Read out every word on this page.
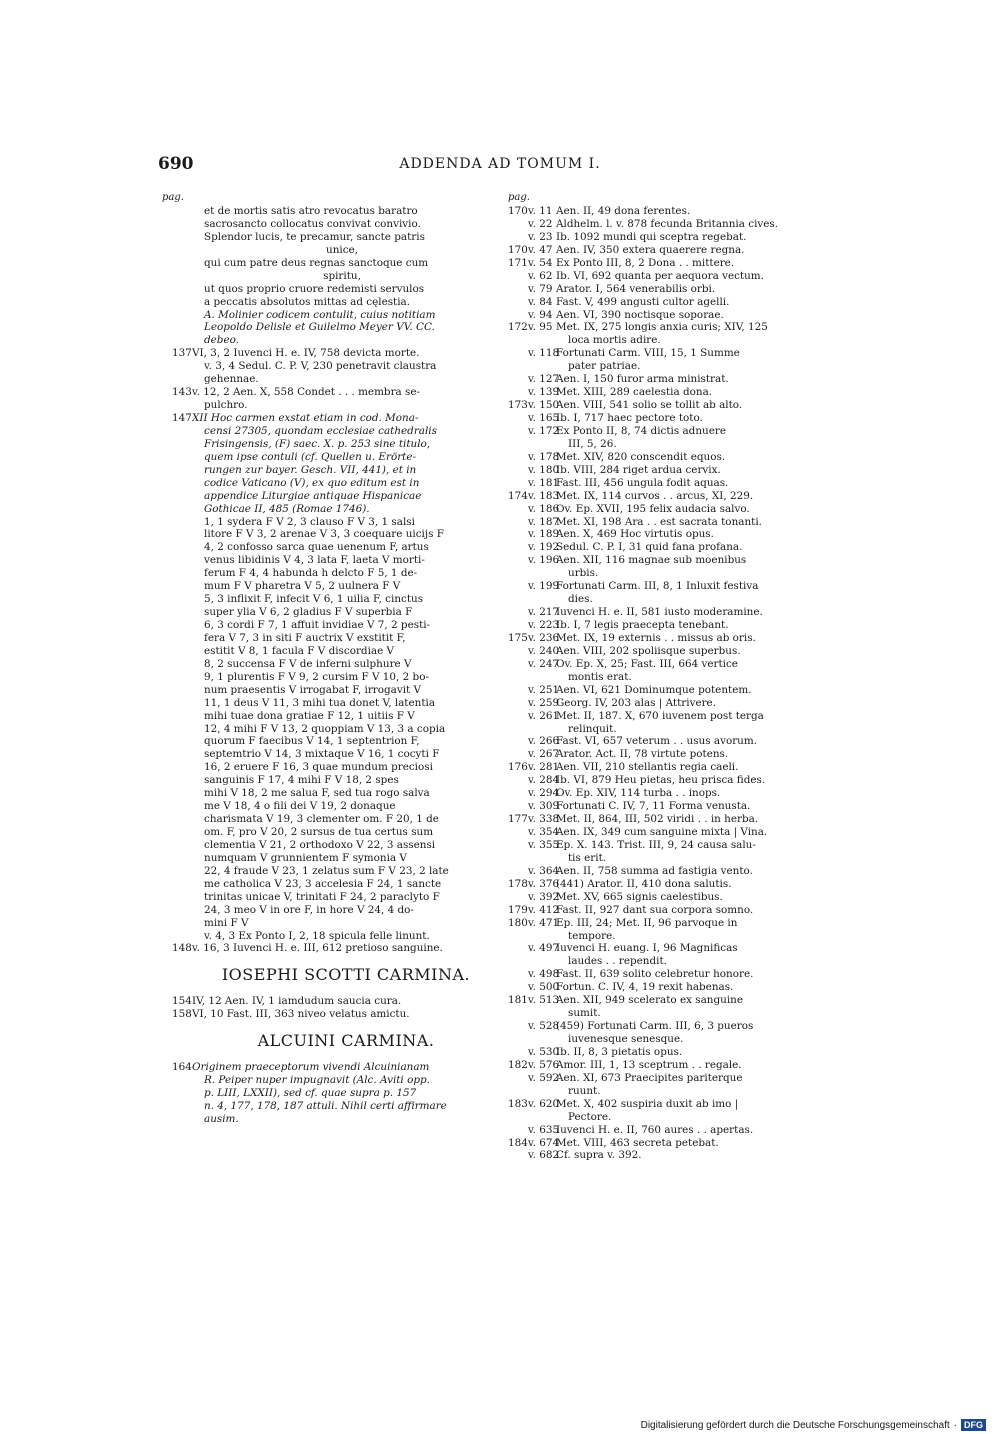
690	ADDENDA AD TOMUM I.
pag.	pag.
et de mortis satis atro revocatus baratro
sacrosancto collocatus convivat convivio.
Splendor lucis, te precamur, sancte patris
unice,
qui cum patre deus regnas sanctoque cum
spiritu,
ut quos proprio cruore redemisti servulos
a peccatis absolutos mittas ad cęlestia.
A. Molinier codicem contulit, cuius notitiam
Leopoldo Delisle et Guilelmo Meyer VV. CC.
debeo.
137 VI, 3, 2 Iuvenci H. e. IV, 758 devicta morte.
v. 3, 4 Sedul. C. P. V, 230 penetravit claustra
gehennae.
143 v. 12, 2 Aen. X, 558 Condet . . . membra se-
pulchro.
147 XII Hoc carmen exstat etiam in cod. Mona-
censi 27305, quondam ecclesiae cathedralis
Frisingensis, (F) saec. X. p. 253 sine titulo,
quem ipse contuli (cf. Quellen u. Erörte-
rungen zur bayer. Gesch. VII, 441), et in
codice Vaticano (V), ex quo editum est in
appendice Liturgiae antiquae Hispanicae
Gothicae II, 485 (Romae 1746).
1, 1 sydera F V 2, 3 clauso F V 3, 1 salsi
litore F V 3, 2 arenae V 3, 3 coequare uicijs F
4, 2 confosso sarca quae uenenum F, artus
venus libidinis V 4, 3 lata F, laeta V morti-
ferum F 4, 4 habunda h delcto F 5, 1 de-
mum F V pharetra V 5, 2 uulnera F V
5, 3 inflixit F, infecit V 6, 1 uilia F, cinctus
super ylia V 6, 2 gladius F V superbia F
6, 3 cordi F 7, 1 affuit invidiae V 7, 2 pesti-
fera V 7, 3 in siti F auctrix V exstitit F,
estitit V 8, 1 facula F V discordiae V
8, 2 succensa F V de inferni sulphure V
9, 1 plurentis F V 9, 2 cursim F V 10, 2 bo-
num praesentis V irrogabat F, irrogavit V
11, 1 deus V 11, 3 mihi tua donet V, latentia
mihi tuae dona gratiae F 12, 1 uitiis F V
12, 4 mihi F V 13, 2 quoppiam V 13, 3 a copia
quorum F faecibus V 14, 1 septentrion F,
septemtrio V 14, 3 mixtaque V 16, 1 cocyti F
16, 2 eruere F 16, 3 quae mundum preciosi
sanguinis F 17, 4 mihi F V 18, 2 spes
mihi V 18, 2 me salua F, sed tua rogo salva
me V 18, 4 o fili dei V 19, 2 donaque
charismata V 19, 3 clementer om. F 20, 1 de
om. F, pro V 20, 2 sursus de tua certus sum
clementia V 21, 2 orthodoxo V 22, 3 assensi
numquam V grunnientem F symonia V
22, 4 fraude V 23, 1 zelatus sum F V 23, 2 late
me catholica V 23, 3 accelesia F 24, 1 sancte
trinitas unicae V, trinitati F 24, 2 paraclyto F
24, 3 meo V in ore F, in hore V 24, 4 do-
mini F V
v. 4, 3 Ex Ponto I, 2, 18 spicula felle linunt.
148 v. 16, 3 Iuvenci H. e. III, 612 pretioso sanguine.
IOSEPHI SCOTTI CARMINA.
154 IV, 12 Aen. IV, 1 iamdudum saucia cura.
158 VI, 10 Fast. III, 363 niveo velatus amictu.
ALCUINI CARMINA.
164 Originem praeceptorum vivendi Alcuinianam
R. Peiper nuper impugnavit (Alc. Aviti opp.
p. LIII, LXXII), sed cf. quae supra p. 157
n. 4, 177, 178, 187 attuli. Nihil certi affirmare
ausim.
170 v. 11 Aen. II, 49 dona ferentes.
v. 22 Aldhelm. l. v. 878 fecunda Britannia cives.
v. 23 Ib. 1092 mundi qui sceptra regebat.
170 v. 47 Aen. IV, 350 extera quaerere regna.
171 v. 54 Ex Ponto III, 8, 2 Dona . . mittere.
v. 62 Ib. VI, 692 quanta per aequora vectum.
v. 79 Arator. I, 564 venerabilis orbi.
v. 84 Fast. V, 499 angusti cultor agelli.
v. 94 Aen. VI, 390 noctisque soporae.
172 v. 95 Met. IX, 275 longis anxia curis; XIV, 125
loca mortis adire.
v. 118
Fortunati Carm. VIII, 15, 1 Summe
pater patriae.
v. 127
Aen. I, 150 furor arma ministrat.
v. 139
Met. XIII, 289 caelestia dona.
173 v. 150
Aen. VIII, 541 solio se tollit ab alto.
v. 165
Ib. I, 717 haec pectore toto.
v. 172
Ex Ponto II, 8, 74 dictis adnuere
III, 5, 26.
v. 178
Met. XIV, 820 conscendit equos.
v. 180
Ib. VIII, 284 riget ardua cervix.
v. 181
Fast. III, 456 ungula fodit aquas.
174 v. 183
Met. IX, 114 curvos . . arcus, XI, 229.
v. 186
Ov. Ep. XVII, 195 felix audacia salvo.
v. 187
Met. XI, 198 Ara . . est sacrata tonanti.
v. 189
Aen. X, 469 Hoc virtutis opus.
v. 192
Sedul. C. P. I, 31 quid fana profana.
v. 196
Aen. XII, 116 magnae sub moenibus
urbis.
v. 199
Fortunati Carm. III, 8, 1 Inluxit festiva
dies.
v. 217
Iuvenci H. e. II, 581 iusto moderamine.
v. 223
Ib. I, 7 legis praecepta tenebant.
175 v. 236
Met. IX, 19 externis . . missus ab oris.
v. 240
Aen. VIII, 202 spoliisque superbus.
v. 247
Ov. Ep. X, 25; Fast. III, 664 vertice
montis erat.
v. 251
Aen. VI, 621 Dominumque potentem.
v. 259
Georg. IV, 203 alas | Attrivere.
v. 261
Met. II, 187. X, 670 iuvenem post terga
relinquit.
v. 266
Fast. VI, 657 veterum . . usus avorum.
v. 267
Arator. Act. II, 78 virtute potens.
176 v. 281
Aen. VII, 210 stellantis regia caeli.
v. 284
Ib. VI, 879 Heu pietas, heu prisca fides.
v. 294
Ov. Ep. XIV, 114 turba . . inops.
v. 309
Fortunati C. IV, 7, 11 Forma venusta.
177 v. 338
Met. II, 864, III, 502 viridi . . in herba.
v. 354
Aen. IX, 349 cum sanguine mixta | Vina.
v. 355
Ep. X. 143. Trist. III, 9, 24 causa salu-
tis erit.
v. 364
Aen. II, 758 summa ad fastigia vento.
178 v. 376
(441) Arator. II, 410 dona salutis.
v. 392
Met. XV, 665 signis caelestibus.
179 v. 412
Fast. II, 927 dant sua corpora somno.
180 v. 471
Ep. III, 24; Met. II, 96 parvoque in
tempore.
v. 497
Iuvenci H. euang. I, 96 Magnificas
laudes . . rependit.
v. 498
Fast. II, 639 solito celebretur honore.
v. 500
Fortun. C. IV, 4, 19 rexit habenas.
181 v. 513
Aen. XII, 949 scelerato ex sanguine
sumit.
v. 528
(459) Fortunati Carm. III, 6, 3 pueros
iuvenesque senesque.
v. 530
Ib. II, 8, 3 pietatis opus.
182 v. 576
Amor. III, 1, 13 sceptrum . . regale.
v. 592
Aen. XI, 673 Praecipites pariterque
ruunt.
183 v. 620
Met. X, 402 suspiria duxit ab imo |
Pectore.
v. 635
Iuvenci H. e. II, 760 aures . . apertas.
184 v. 674
Met. VIII, 463 secreta petebat.
v. 682
Cf. supra v. 392.
Digitalisierung gefördert durch die Deutsche Forschungsgemeinschaft · DFG
